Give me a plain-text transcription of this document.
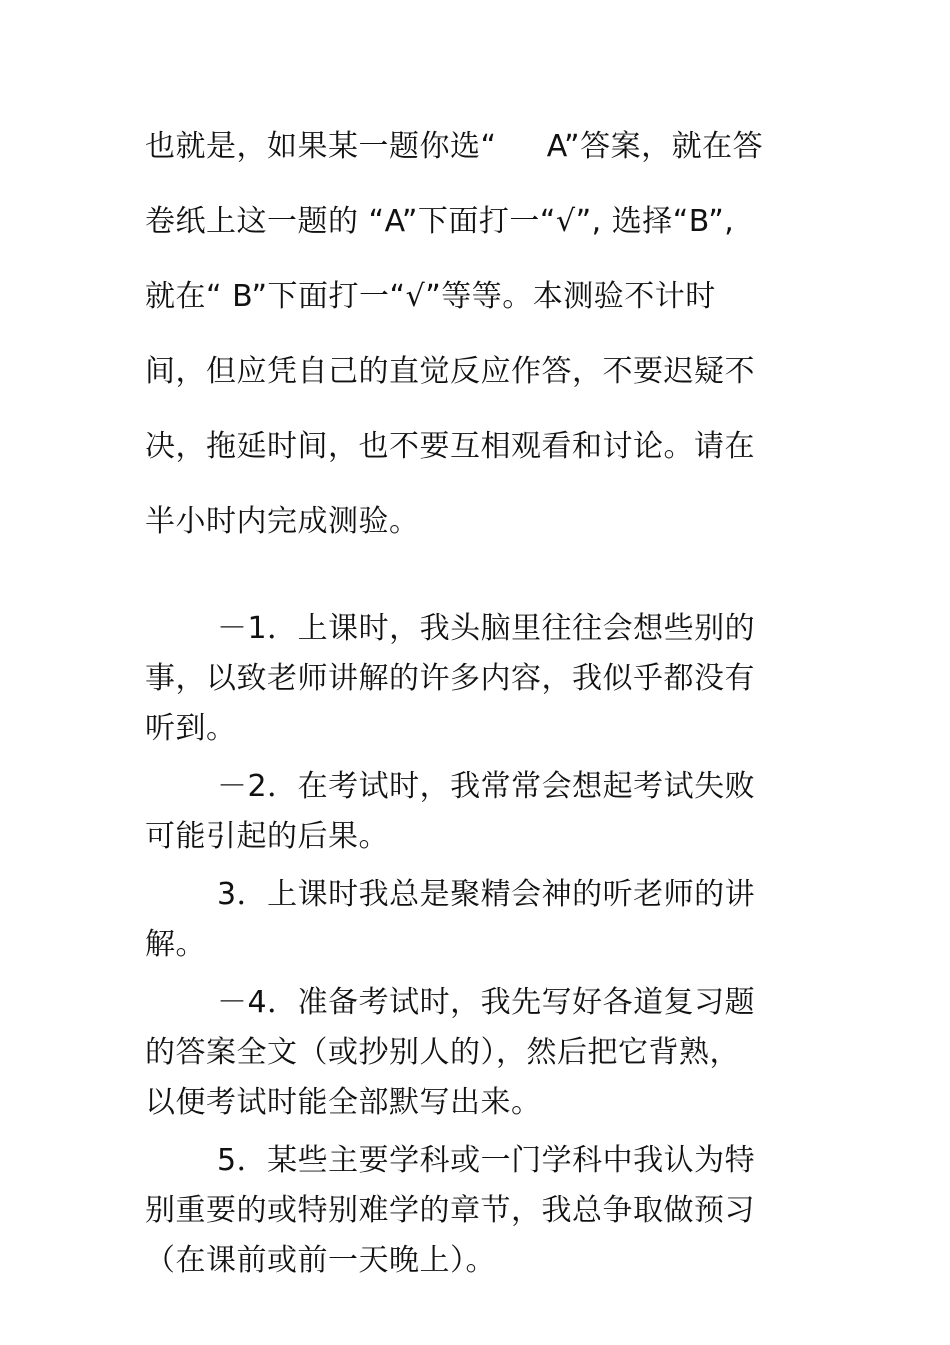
也就是，如果某一题你选“     A”答案，就在答
卷纸上这一题的 “A”下面打一“√”, 选择“B”,
就在“ B”下面打一“√”等等。本测验不计时
间，但应凭自己的直觉反应作答，不要迟疑不
决，拖延时间，也不要互相观看和讨论。请在
半小时内完成测验。
－1．上课时，我头脑里往往会想些别的
事，以致老师讲解的许多内容，我似乎都没有
听到。
－2．在考试时，我常常会想起考试失败
可能引起的后果。
3．上课时我总是聚精会神的听老师的讲
解。
－4．准备考试时，我先写好各道复习题
的答案全文（或抄别人的），然后把它背熟，
以便考试时能全部默写出来。
5．某些主要学科或一门学科中我认为特
别重要的或特别难学的章节，我总争取做预习
（在课前或前一天晚上）。
